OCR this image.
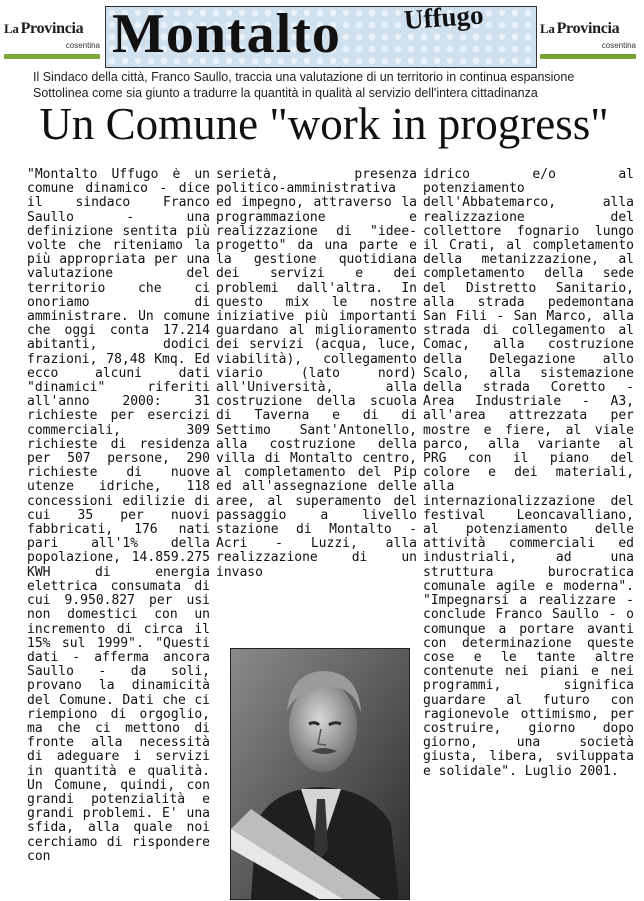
La Provincia
cosentina Montalto Uffugo	La Provincia
cosentina
Il Sindaco della città, Franco Saullo, traccia una valutazione di un territorio in continua espansione
Sottolinea come sia giunto a tradurre la quantità in qualità al servizio dell'intera cittadinanza
Un Comune "work in progress"

"Montalto Uffugo è un comune dinamico - dice il sindaco Franco Saullo - una definizione sentita più volte che riteniamo la più appropriata per una valutazione del territorio che ci onoriamo di amministrare. Un comune che oggi conta 17.214 abitanti, dodici frazioni, 78,48 Kmq. Ed ecco alcuni dati "dinamici" riferiti all'anno 2000: 31 richieste per esercizi commerciali, 309 richieste di residenza per 507 persone, 290 richieste di nuove utenze idriche, 118 concessioni edilizie di cui 35 per nuovi fabbricati, 176 nati pari all'1% della popolazione, 14.859.275 KWH di energia elettrica consumata di cui 9.950.827 per usi non domestici con un incremento di circa il 15% sul 1999". "Questi dati - afferma ancora Saullo - da soli, provano la dinamicità del Comune. Dati che ci riempiono di orgoglio, ma che ci mettono di fronte alla necessità di adeguare i servizi in quantità e qualità. Un Comune, quindi, con grandi potenzialità e grandi problemi. E' una sfida, alla quale noi cerchiamo di rispondere con

serietà, presenza politico-amministrativa ed impegno, attraverso la programmazione e realizzazione di "idee-progetto" da una parte e la gestione quotidiana dei servizi e dei problemi dall'altra. In questo mix le nostre iniziative più importanti guardano al miglioramento dei servizi (acqua, luce, viabilità), collegamento viario (lato nord) all'Università, alla costruzione della scuola di Taverna e di di Settimo Sant'Antonello, alla costruzione della villa di Montalto centro, al completamento del Pip ed all'assegnazione delle aree, al superamento del passaggio a livello stazione di Montalto - Acri - Luzzi, alla realizzazione di un invaso

idrico e/o al potenziamento dell'Abbatemarco, alla realizzazione del collettore fognario lungo il Crati, al completamento della metanizzazione, al completamento della sede del Distretto Sanitario, alla strada pedemontana San Fili - San Marco, alla strada di collegamento al Comac, alla costruzione della Delegazione allo Scalo, alla sistemazione della strada Coretto - Area Industriale - A3, all'area attrezzata per mostre e fiere, al viale parco, alla variante al PRG con il piano del colore e dei materiali, alla internazionalizzazione del festival Leoncavalliano, al potenziamento delle attività commerciali ed industriali, ad una struttura burocratica comunale agile e moderna". "Impegnarsi a realizzare - conclude Franco Saullo - o comunque a portare avanti con determinazione queste cose e le tante altre contenute nei piani e nei programmi, significa guardare al futuro con ragionevole ottimismo, per costruire, giorno dopo giorno, una società giusta, libera, sviluppata e solidale". Luglio 2001.
